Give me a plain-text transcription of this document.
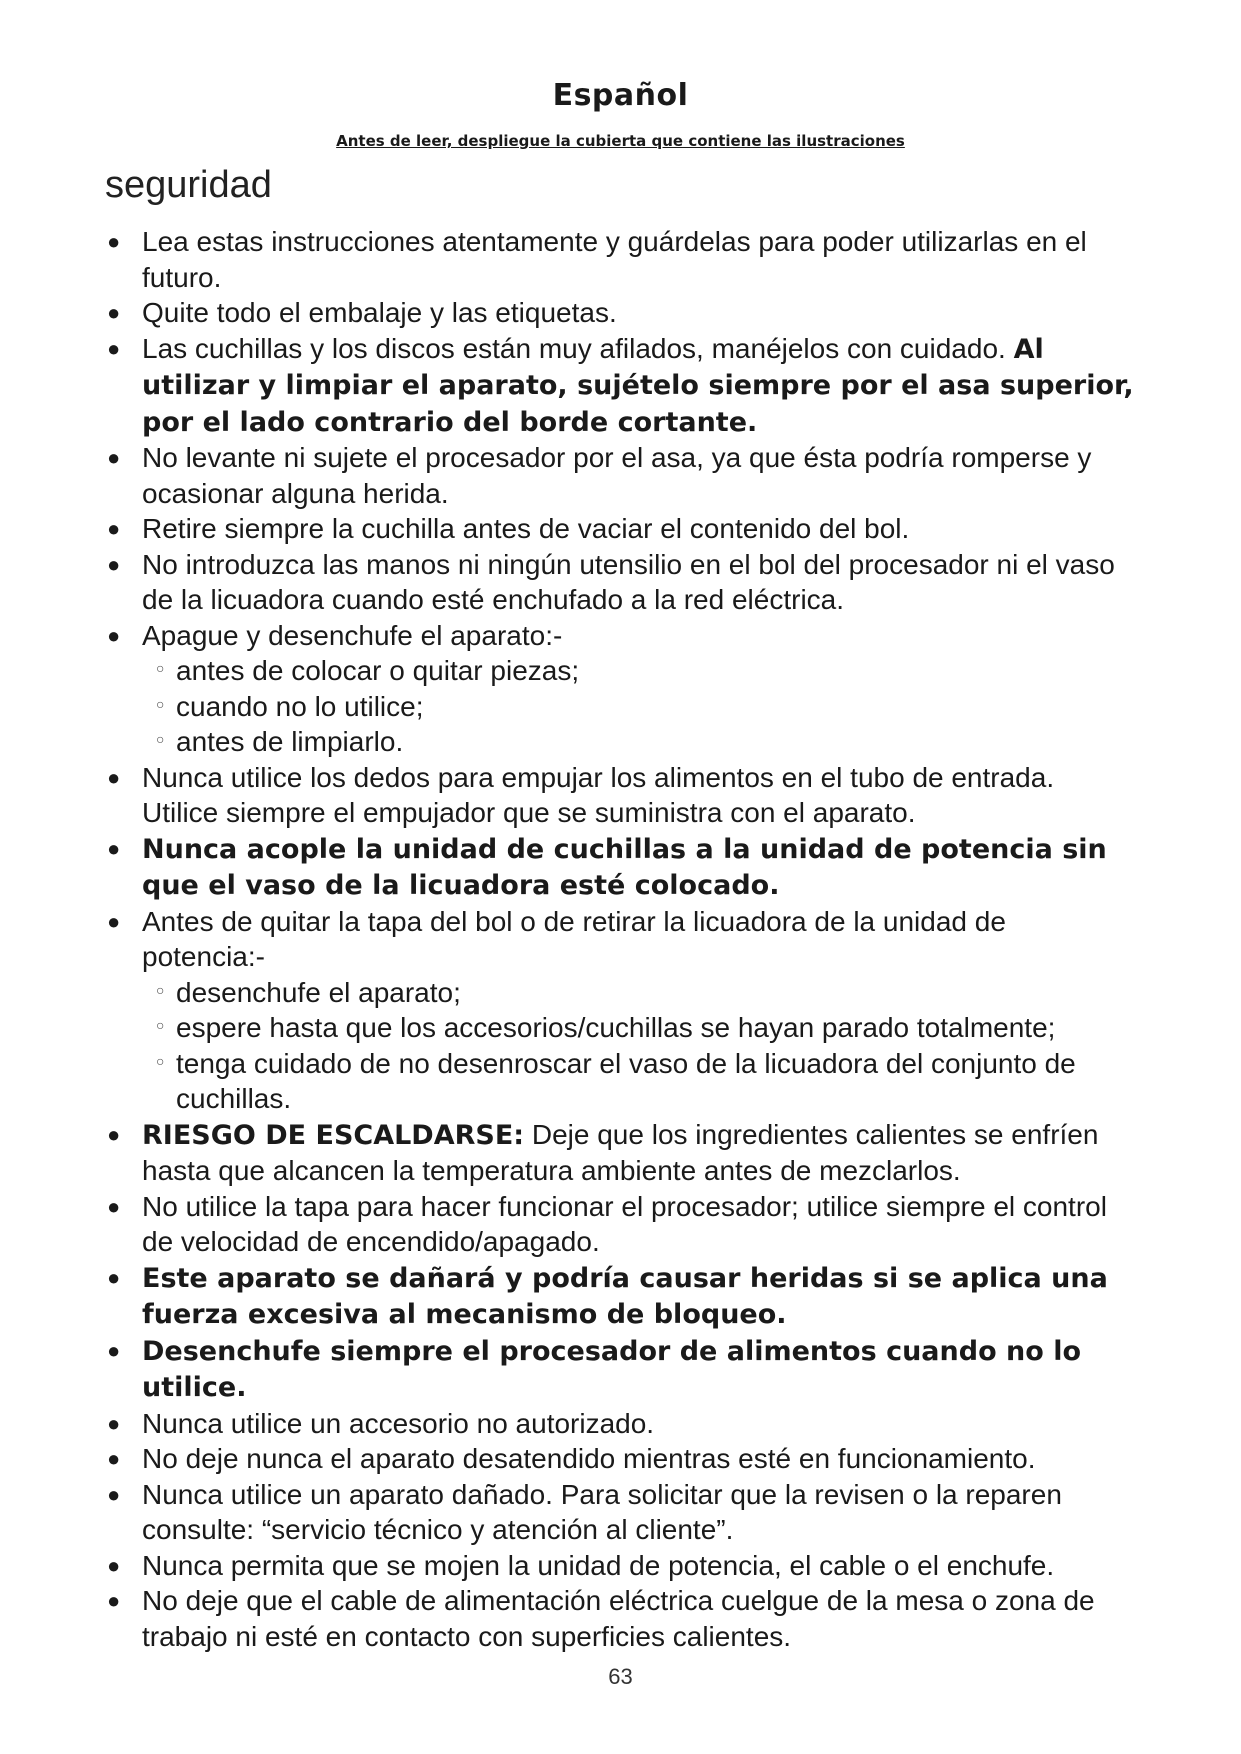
Español
Antes de leer, despliegue la cubierta que contiene las ilustraciones
seguridad
● Lea estas instrucciones atentamente y guárdelas para poder utilizarlas en el futuro.
● Quite todo el embalaje y las etiquetas.
● Las cuchillas y los discos están muy afilados, manéjelos con cuidado. Al utilizar y limpiar el aparato, sujételo siempre por el asa superior, por el lado contrario del borde cortante.
● No levante ni sujete el procesador por el asa, ya que ésta podría romperse y ocasionar alguna herida.
● Retire siempre la cuchilla antes de vaciar el contenido del bol.
● No introduzca las manos ni ningún utensilio en el bol del procesador ni el vaso de la licuadora cuando esté enchufado a la red eléctrica.
● Apague y desenchufe el aparato:-
○ antes de colocar o quitar piezas;
○ cuando no lo utilice;
○ antes de limpiarlo.
● Nunca utilice los dedos para empujar los alimentos en el tubo de entrada. Utilice siempre el empujador que se suministra con el aparato.
● Nunca acople la unidad de cuchillas a la unidad de potencia sin que el vaso de la licuadora esté colocado.
● Antes de quitar la tapa del bol o de retirar la licuadora de la unidad de potencia:-
○ desenchufe el aparato;
○ espere hasta que los accesorios/cuchillas se hayan parado totalmente;
○ tenga cuidado de no desenroscar el vaso de la licuadora del conjunto de cuchillas.
● RIESGO DE ESCALDARSE: Deje que los ingredientes calientes se enfríen hasta que alcancen la temperatura ambiente antes de mezclarlos.
● No utilice la tapa para hacer funcionar el procesador; utilice siempre el control de velocidad de encendido/apagado.
● Este aparato se dañará y podría causar heridas si se aplica una fuerza excesiva al mecanismo de bloqueo.
● Desenchufe siempre el procesador de alimentos cuando no lo utilice.
● Nunca utilice un accesorio no autorizado.
● No deje nunca el aparato desatendido mientras esté en funcionamiento.
● Nunca utilice un aparato dañado. Para solicitar que la revisen o la reparen consulte: “servicio técnico y atención al cliente”.
● Nunca permita que se mojen la unidad de potencia, el cable o el enchufe.
● No deje que el cable de alimentación eléctrica cuelgue de la mesa o zona de trabajo ni esté en contacto con superficies calientes.
63
